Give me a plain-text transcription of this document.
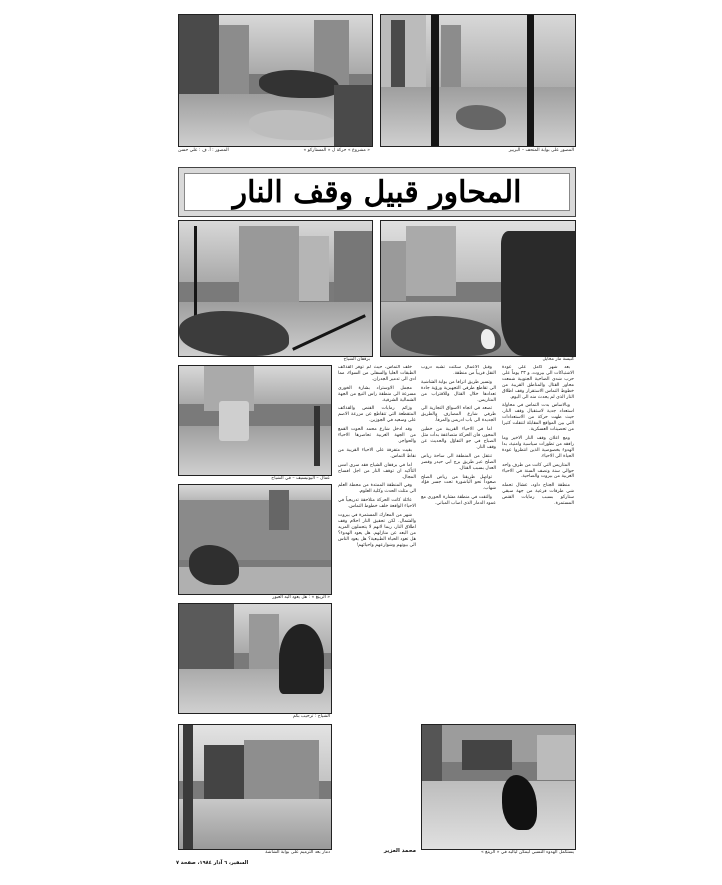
المصور : أ. ف : علي حسن	« مشروع » حركة ل « المستاركو »	المصور على بوابة المتحف – البربير
المحاور قبيل وقف النار
برقفان الشياح	كنيسة مار مخايل
عمال – اليونيسيف – في الشياح
« الرينغ » : هل يعود اليه العبور
الشياح : ترحيب بكم
دمار بعد الترميم على بوابة الشاشة	يستكمل الهدوء النسبي ليمكن لياليه في « الرينغ »

بعد شهر كامل على عودة الاشتباكات الى بيروت، و ٢٣ يوماً على حرب شدي الضاحية الجنوبية شمعت محاور القتال والمناطق القريبة من خطوط التماس الاستقرار وقف اطلاق النار الذي لم يحدث منه الى اليوم.

وبالاساس بدت التماس في محاولة استعداد جدية لاستقبال وقف النار، حيث طهت حركة من الاستعدادات التي بين المواقع المقابلة لتنقلت كثيرا من تحصينات العسكرية.

ومع اعلان وقف النار الاخير وما رافقه من تطورات سياسية وامنية، بدا الهدوء بخصوصية الذين انتظروا عودة الحياة الى الاحياء.

المتاريس التي كانت من طرف واحد حوالي سنة ونصف السنة في الاحياء الغربية من بيروت والضاحية.

منطقة الجناح داود، عشال تحمله شي طرقات فرعية من جهة سبقي ستاركو بسبب رمايات القنص المستمرة.

وقبل الاعمال سكنت تشبه دروب النقل قريباً من منطقة.

وتسير طريق اترافا من بوابة الشاشية الى تقاطع طرقي التجهيزية ورؤية جادة تعدادها خلال القتال وللاقتراب من المتاريس.

تصعد في اتجاه الاسواق التجارية الى طرفي شارع المصارف والطريق الجديدة الى باب ادريس والمرفأ.

اما في الاحياء القريبة من خطين المحور، فان الحركة متضاعفة بدأت مثل الصباح في جو التفاؤل والحديث عن وقف النار.

تنتقل من المنطقة الى ساحة رياض الصلح عبر طريق برج ابي حيدر وقصر العدل بسبب القنال.

تواصل طريقنا من رياض الصلح صعوداً نحو الباشورة تحت جسر فؤاد شهاب.

والتقت في منطقة مشارة الحوري مع عمود الدمار الذي اصاب المباني.

خلف التماس، حيث لم توفر القذائف الطبقات العليا والسفلى من السواء، مما ادى الى تدمير الجدران.

مجمل الاوستراد بشارة الخوري مسرعة الى منطقة راس النبع من الجهة الشمالية الشرقية.

وزائم رمايات القنص والقذائف المتقطعة التي تتقاطع عن مزرعة الاصم على وسعيد في الجوزين.

وقد ادخل شارع محمد الحوت القمع من الجهة الغربية تحاصرها الاحياء والحواجز.

بقيت متفرقة على الاحياء القريبة من نقاط التماس.

اما في برقفان الشياح فقد سرى امس التأكيد ان توقف النار من اجل افساح المجال.

وفي المنطقة الممتدة من محطة العلم الى مثلث الحدث وكلية العلوم.

عائلة كانت الحركة متلاحقة تدريجياً في الاحياء الواقعة خلف خطوط التماس.

شهر من المعارك المستمرة في بيروت والشمال. لكن تحقيق النار احلام وقف اطلاق النار، ربما لانهم لا يتحملون المزيد من البعد عن منازلهم. هل يعود الهدوء؟ هل تعود الحياة الطبيعية؟ هل يعود الناس الى بيوتهم وشوارعهم واحيائهم!

محمد العزير
السفير، ٦ آذار ١٩٨٤، صفحة ٧
